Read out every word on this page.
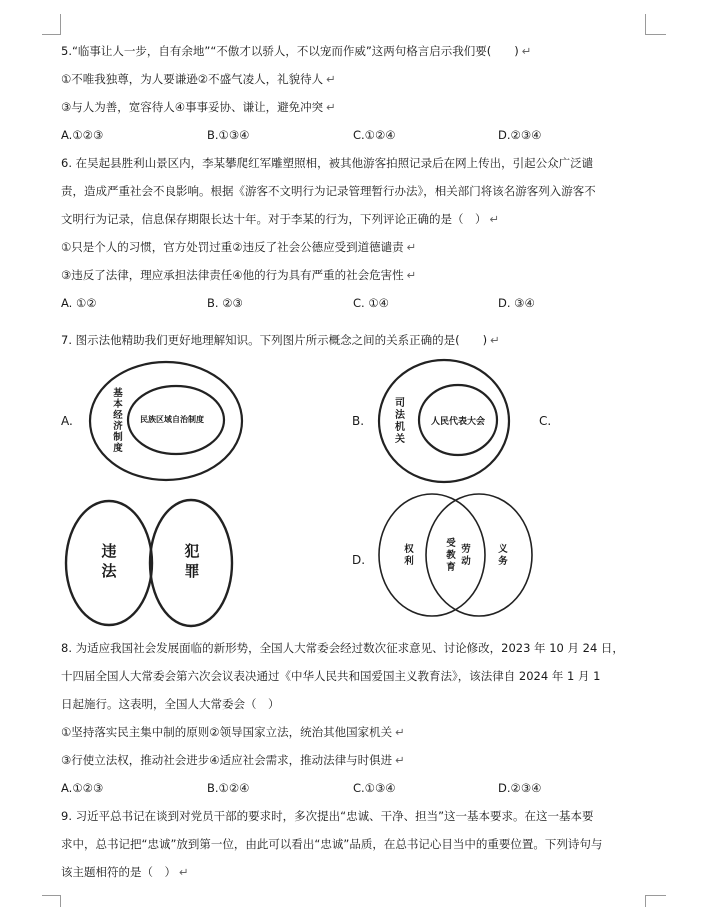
5.“临事让人一步，自有余地”“不傲才以骄人，不以宠而作威”这两句格言启示我们要(　　) ↵
①不唯我独尊，为人要谦逊②不盛气凌人，礼貌待人 ↵
③与人为善，宽容待人④事事妥协、谦让，避免冲突 ↵
A.①②③	B.①③④	C.①②④	D.②③④
6. 在吴起县胜利山景区内，李某攀爬红军雕塑照相，被其他游客拍照记录后在网上传出，引起公众广泛谴
责，造成严重社会不良影响。根据《游客不文明行为记录管理暂行办法》，相关部门将该名游客列入游客不
文明行为记录，信息保存期限长达十年。对于李某的行为，下列评论正确的是（　） ↵
①只是个人的习惯，官方处罚过重②违反了社会公德应受到道德谴责 ↵
③违反了法律，理应承担法律责任④他的行为具有严重的社会危害性 ↵
A. ①②	B. ②③	C. ①④	D. ③④
7. 图示法他精助我们更好地理解知识。下列图片所示概念之间的关系正确的是(　　) ↵
A.	B.	C.
D.
基
本
经
济
制
度
民族区域自治制度
司
法
机
关
人民代表大会
违
法
犯
罪
权
利
受
教
育
劳
动
义
务
8. 为适应我国社会发展面临的新形势，全国人大常委会经过数次征求意见、讨论修改，2023 年 10 月 24 日，
十四届全国人大常委会第六次会议表决通过《中华人民共和国爱国主义教育法》，该法律自 2024 年 1 月 1
日起施行。这表明，全国人大常委会（　）
①坚持落实民主集中制的原则②领导国家立法，统治其他国家机关 ↵
③行使立法权，推动社会进步④适应社会需求，推动法律与时俱进 ↵
A.①②③	B.①②④	C.①③④	D.②③④
9. 习近平总书记在谈到对党员干部的要求时，多次提出“忠诚、干净、担当”这一基本要求。在这一基本要
求中，总书记把“忠诚”放到第一位，由此可以看出“忠诚”品质，在总书记心目当中的重要位置。下列诗句与
该主题相符的是（　） ↵
